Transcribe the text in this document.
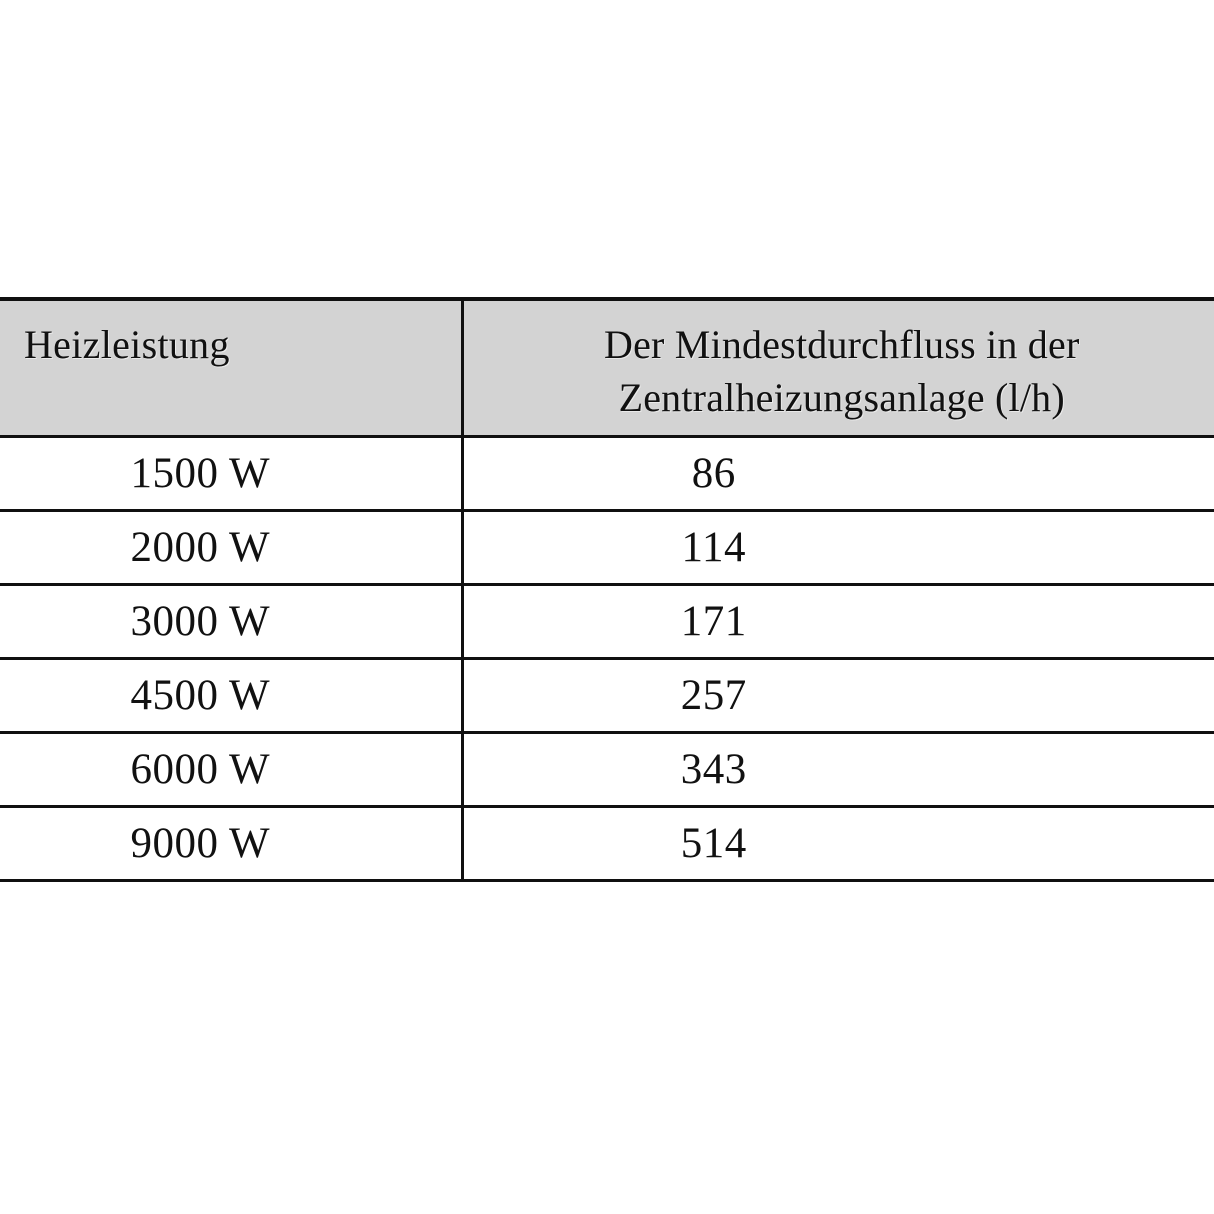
Heizleistung	Der Mindestdurchfluss in der
Zentralheizungsanlage (l/h)

1500 W	86
2000 W	114
3000 W	171
4500 W	257
6000 W	343
9000 W	514
